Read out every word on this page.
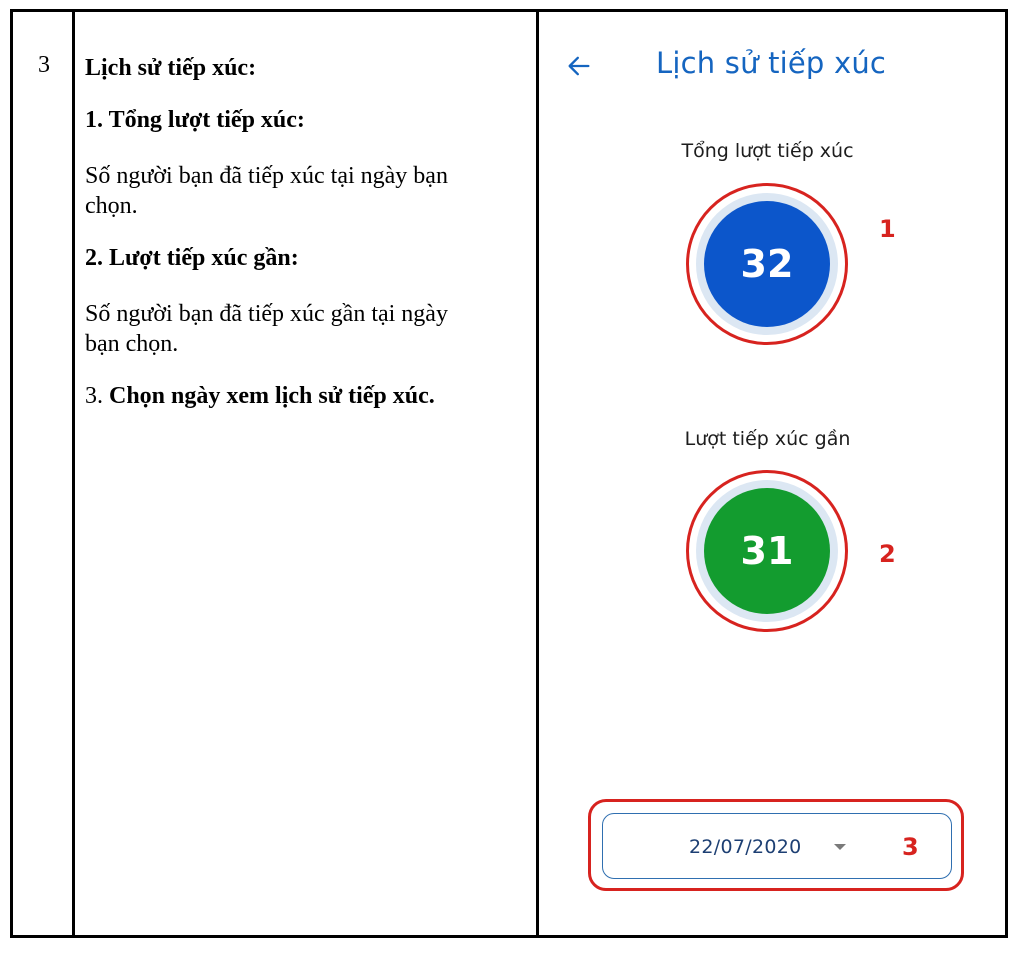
3 Lịch sử tiếp xúc:
1. Tổng lượt tiếp xúc:
Số người bạn đã tiếp xúc tại ngày bạn
chọn.
2. Lượt tiếp xúc gần:
Số người bạn đã tiếp xúc gần tại ngày
bạn chọn.
3. Chọn ngày xem lịch sử tiếp xúc.
Lịch sử tiếp xúc
Tổng lượt tiếp xúc
32
1
Lượt tiếp xúc gần
31	2
22/07/2020	3
